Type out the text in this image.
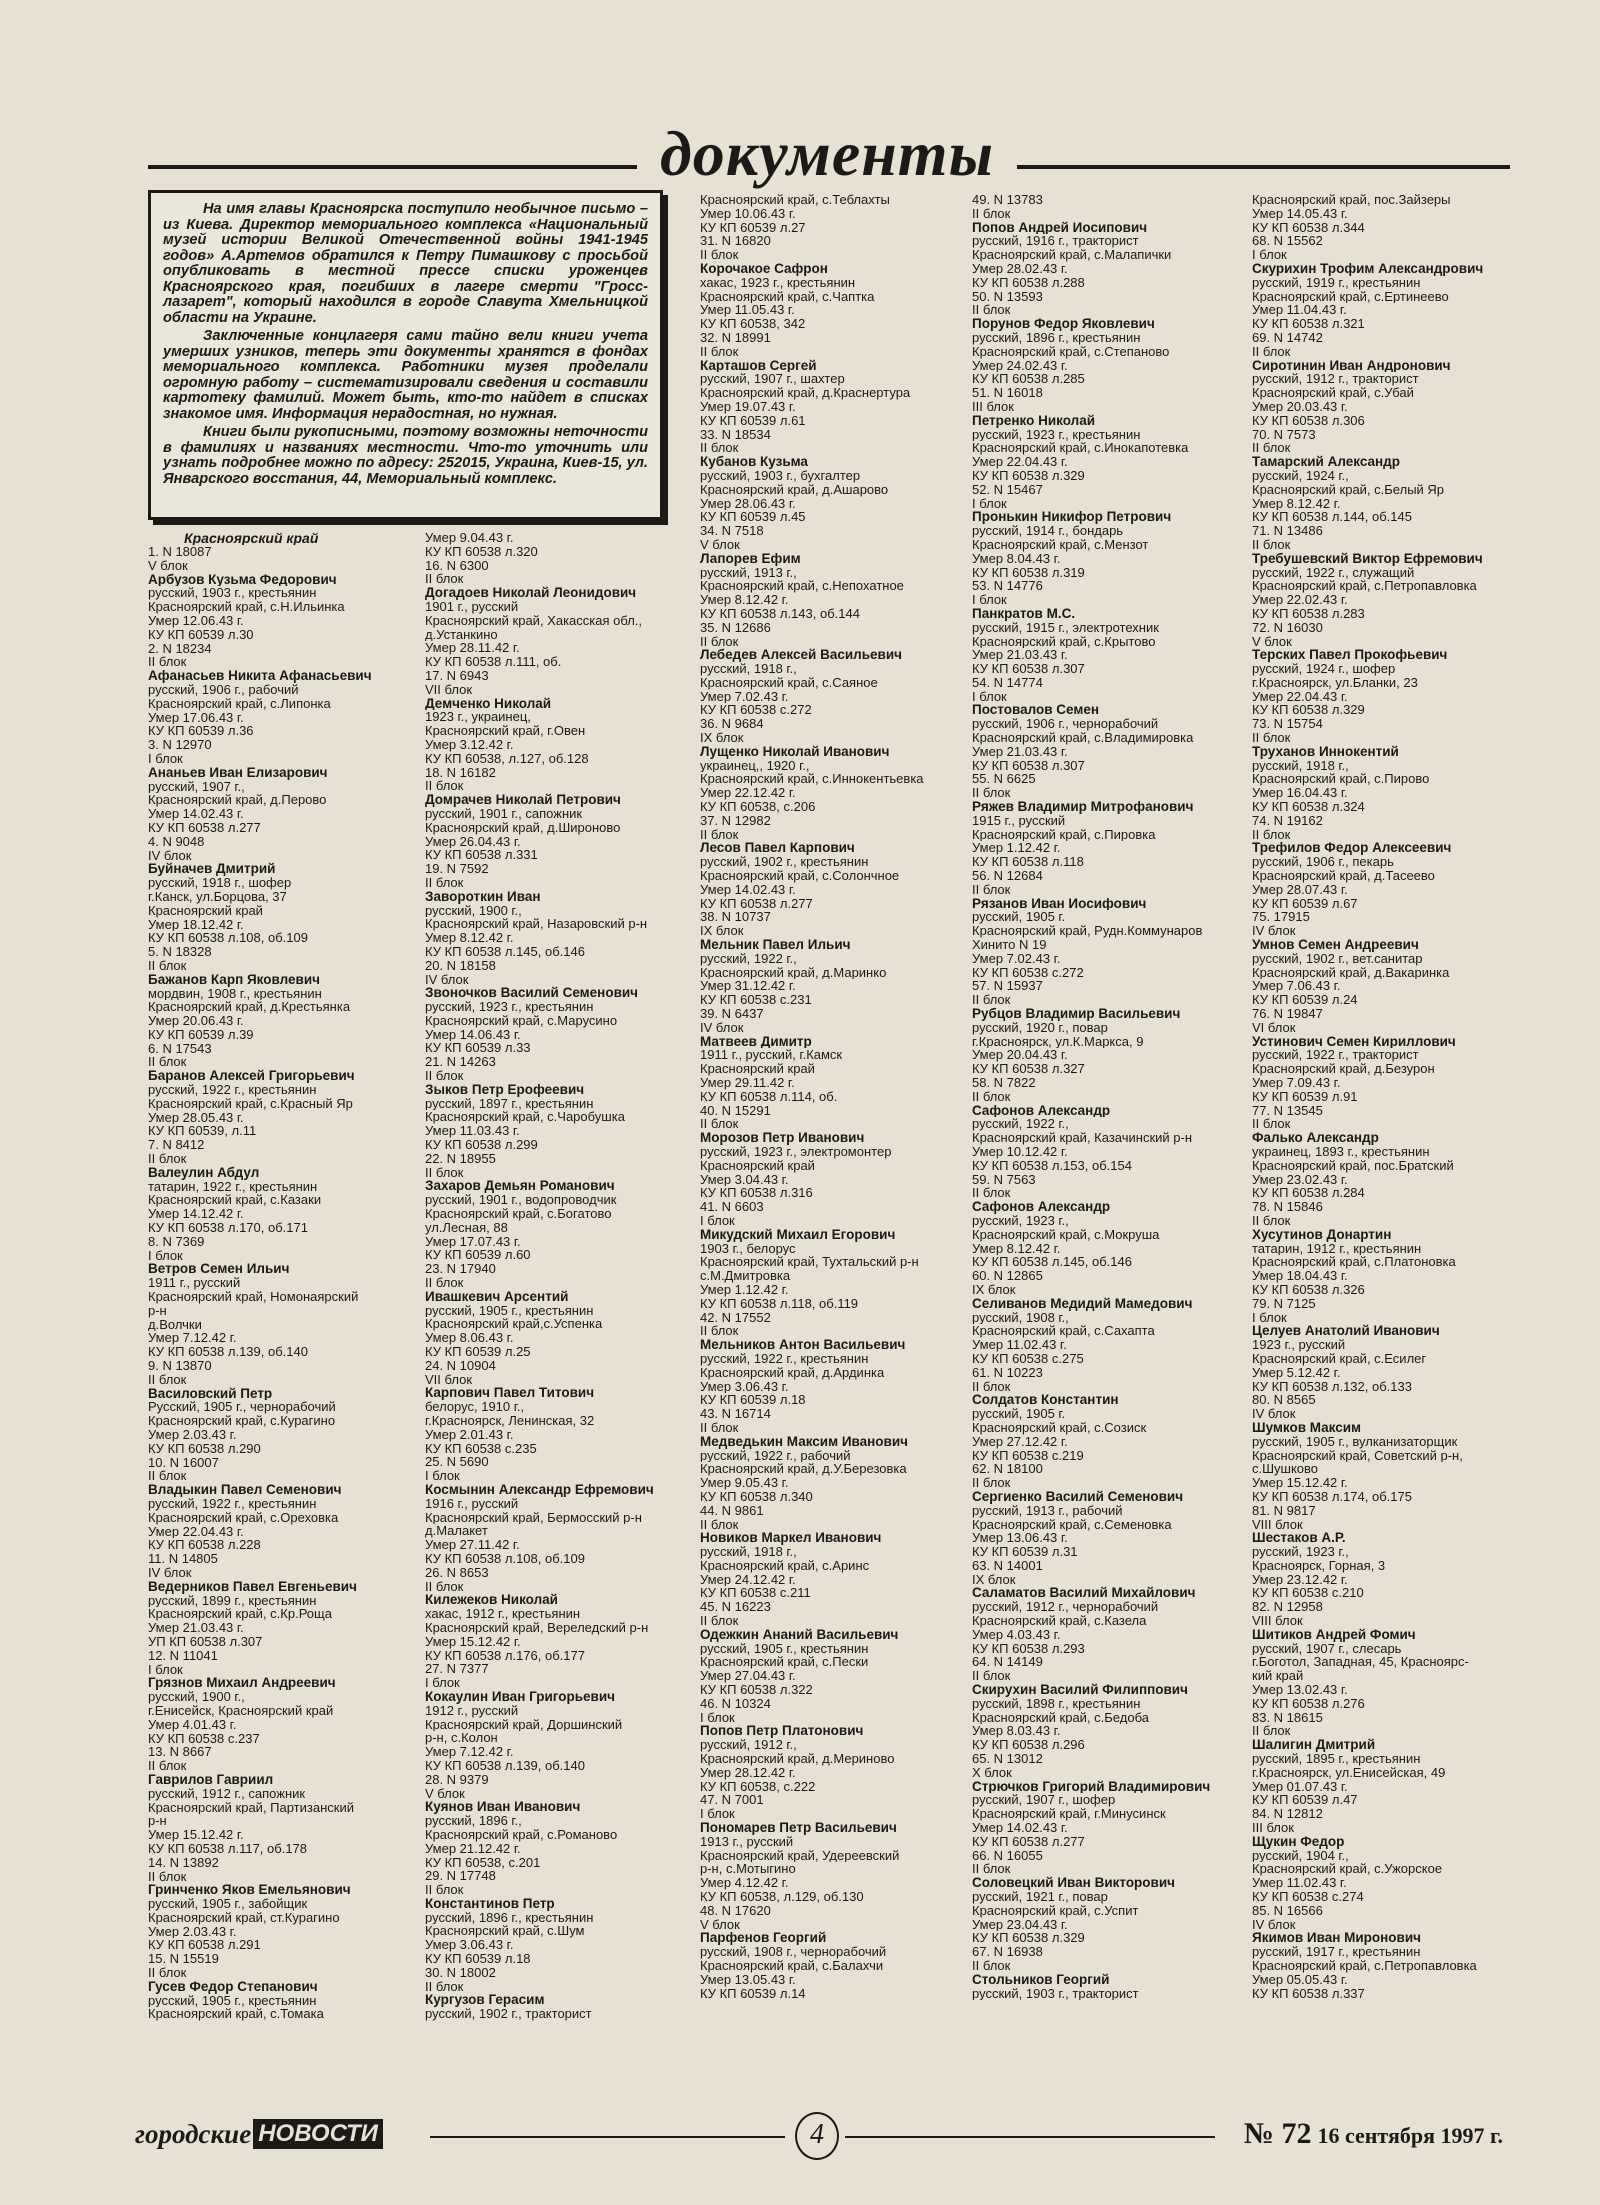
документы

На имя главы Красноярска поступило необычное письмо – из Киева. Директор мемориального комплекса «Национальный музей истории Великой Отечественной войны 1941-1945 годов» А.Артемов обратился к Петру Пимашкову с просьбой опубликовать в местной прессе списки уроженцев Красноярского края, погибших в лагере смерти "Гросс-лазарет", который находился в городе Славута Хмельницкой области на Украине.

Заключенные концлагеря сами тайно вели книги учета умерших узников, теперь эти документы хранятся в фондах мемориального комплекса. Работники музея проделали огромную работу – систематизировали сведения и составили картотеку фамилий. Может быть, кто-то найдет в списках знакомое имя. Информация нерадостная, но нужная.

Книги были рукописными, поэтому возможны неточности в фамилиях и названиях местности. Что-то уточнить или узнать подробнее можно по адресу: 252015, Украина, Киев-15, ул. Январского восстания, 44, Мемориальный комплекс.

Красноярский край
1. N 18087
V блок
Арбузов Кузьма Федорович
русский, 1903 г., крестьянин
Красноярский край, с.Н.Ильинка
Умер 12.06.43 г.
КУ КП 60539 л.30
2. N 18234
II блок
Афанасьев Никита Афанасьевич
русский, 1906 г., рабочий
Красноярский край, с.Липонка
Умер 17.06.43 г.
КУ КП 60539 л.36
3. N 12970
I блок
Ананьев Иван Елизарович
русский, 1907 г.,
Красноярский край, д.Перово
Умер 14.02.43 г.
КУ КП 60538 л.277
4. N 9048
IV блок
Буйначев Дмитрий
русский, 1918 г., шофер
г.Канск, ул.Борцова, 37
Красноярский край
Умер 18.12.42 г.
КУ КП 60538 л.108, об.109
5. N 18328
II блок
Бажанов Карп Яковлевич
мордвин, 1908 г., крестьянин
Красноярский край, д.Крестьянка
Умер 20.06.43 г.
КУ КП 60539 л.39
6. N 17543
II блок
Баранов Алексей Григорьевич
русский, 1922 г., крестьянин
Красноярский край, с.Красный Яр
Умер 28.05.43 г.
КУ КП 60539, л.11
7. N 8412
II блок
Валеулин Абдул
татарин, 1922 г., крестьянин
Красноярский край, с.Казаки
Умер 14.12.42 г.
КУ КП 60538 л.170, об.171
8. N 7369
I блок
Ветров Семен Ильич
1911 г., русский
Красноярский край, Номонаярский
р-н
д.Волчки
Умер 7.12.42 г.
КУ КП 60538 л.139, об.140
9. N 13870
II блок
Василовский Петр
Русский, 1905 г., чернорабочий
Красноярский край, с.Курагино
Умер 2.03.43 г.
КУ КП 60538 л.290
10. N 16007
II блок
Владыкин Павел Семенович
русский, 1922 г., крестьянин
Красноярский край, с.Ореховка
Умер 22.04.43 г.
КУ КП 60538 л.228
11. N 14805
IV блок
Ведерников Павел Евгеньевич
русский, 1899 г., крестьянин
Красноярский край, с.Кр.Роща
Умер 21.03.43 г.
УП КП 60538 л.307
12. N 11041
I блок
Грязнов Михаил Андреевич
русский, 1900 г.,
г.Енисейск, Красноярский край
Умер 4.01.43 г.
КУ КП 60538 с.237
13. N 8667
II блок
Гаврилов Гавриил
русский, 1912 г., сапожник
Красноярский край, Партизанский
р-н
Умер 15.12.42 г.
КУ КП 60538 л.117, об.178
14. N 13892
II блок
Гринченко Яков Емельянович
русский, 1905 г., забойщик
Красноярский край, ст.Курагино
Умер 2.03.43 г.
КУ КП 60538 л.291
15. N 15519
II блок
Гусев Федор Степанович
русский, 1905 г., крестьянин
Красноярский край, с.Томака
Умер 9.04.43 г.
КУ КП 60538 л.320
16. N 6300
II блок
Догадоев Николай Леонидович
1901 г., русский
Красноярский край, Хакасская обл.,
д.Устанкино
Умер 28.11.42 г.
КУ КП 60538 л.111, об.
17. N 6943
VII блок
Демченко Николай
1923 г., украинец,
Красноярский край, г.Овен
Умер 3.12.42 г.
КУ КП 60538, л.127, об.128
18. N 16182
II блок
Домрачев Николай Петрович
русский, 1901 г., сапожник
Красноярский край, д.Широново
Умер 26.04.43 г.
КУ КП 60538 л.331
19. N 7592
II блок
Завороткин Иван
русский, 1900 г.,
Красноярский край, Назаровский р-н
Умер 8.12.42 г.
КУ КП 60538 л.145, об.146
20. N 18158
IV блок
Звоночков Василий Семенович
русский, 1923 г., крестьянин
Красноярский край, с.Марусино
Умер 14.06.43 г.
КУ КП 60539 л.33
21. N 14263
II блок
Зыков Петр Ерофеевич
русский, 1897 г., крестьянин
Красноярский край, с.Чаробушка
Умер 11.03.43 г.
КУ КП 60538 л.299
22. N 18955
II блок
Захаров Демьян Романович
русский, 1901 г., водопроводчик
Красноярский край, с.Богатово
ул.Лесная, 88
Умер 17.07.43 г.
КУ КП 60539 л.60
23. N 17940
II блок
Ивашкевич Арсентий
русский, 1905 г., крестьянин
Красноярский край,с.Успенка
Умер 8.06.43 г.
КУ КП 60539 л.25
24. N 10904
VII блок
Карпович Павел Титович
белорус, 1910 г.,
г.Красноярск, Ленинская, 32
Умер 2.01.43 г.
КУ КП 60538 с.235
25. N 5690
I блок
Космынин Александр Ефремович
1916 г., русский
Красноярский край, Бермосский р-н
д.Малакет
Умер 27.11.42 г.
КУ КП 60538 л.108, об.109
26. N 8653
II блок
Килежеков Николай
хакас, 1912 г., крестьянин
Красноярский край, Вереледский р-н
Умер 15.12.42 г.
КУ КП 60538 л.176, об.177
27. N 7377
I блок
Кокаулин Иван Григорьевич
1912 г., русский
Красноярский край, Доршинский
р-н, с.Колон
Умер 7.12.42 г.
КУ КП 60538 л.139, об.140
28. N 9379
V блок
Куянов Иван Иванович
русский, 1896 г.,
Красноярский край, с.Романово
Умер 21.12.42 г.
КУ КП 60538, с.201
29. N 17748
II блок
Константинов Петр
русский, 1896 г., крестьянин
Красноярский край, с.Шум
Умер 3.06.43 г.
КУ КП 60539 л.18
30. N 18002
II блок
Кургузов Герасим
русский, 1902 г., тракторист
Красноярский край, с.Теблахты
Умер 10.06.43 г.
КУ КП 60539 л.27
31. N 16820
II блок
Корочакое Сафрон
хакас, 1923 г., крестьянин
Красноярский край, с.Чаптка
Умер 11.05.43 г.
КУ КП 60538, 342
32. N 18991
II блок
Карташов Сергей
русский, 1907 г., шахтер
Красноярский край, д.Краснертура
Умер 19.07.43 г.
КУ КП 60539 л.61
33. N 18534
II блок
Кубанов Кузьма
русский, 1903 г., бухгалтер
Красноярский край, д.Ашарово
Умер 28.06.43 г.
КУ КП 60539 л.45
34. N 7518
V блок
Лапорев Ефим
русский, 1913 г.,
Красноярский край, с.Непохатное
Умер 8.12.42 г.
КУ КП 60538 л.143, об.144
35. N 12686
II блок
Лебедев Алексей Васильевич
русский, 1918 г.,
Красноярский край, с.Саяное
Умер 7.02.43 г.
КУ КП 60538 с.272
36. N 9684
IX блок
Лущенко Николай Иванович
украинец,, 1920 г.,
Красноярский край, с.Иннокентьевка
Умер 22.12.42 г.
КУ КП 60538, с.206
37. N 12982
II блок
Лесов Павел Карпович
русский, 1902 г., крестьянин
Красноярский край, с.Солончное
Умер 14.02.43 г.
КУ КП 60538 л.277
38. N 10737
IX блок
Мельник Павел Ильич
русский, 1922 г.,
Красноярский край, д.Маринко
Умер 31.12.42 г.
КУ КП 60538 с.231
39. N 6437
IV блок
Матвеев Димитр
1911 г., русский, г.Камск
Красноярский край
Умер 29.11.42 г.
КУ КП 60538 л.114, об.
40. N 15291
II блок
Морозов Петр Иванович
русский, 1923 г., электромонтер
Красноярский край
Умер 3.04.43 г.
КУ КП 60538 л.316
41. N 6603
I блок
Микудский Михаил Егорович
1903 г., белорус
Красноярский край, Тухтальский р-н
с.М.Дмитровка
Умер 1.12.42 г.
КУ КП 60538 л.118, об.119
42. N 17552
II блок
Мельников Антон Васильевич
русский, 1922 г., крестьянин
Красноярский край, д.Ардинка
Умер 3.06.43 г.
КУ КП 60539 л.18
43. N 16714
II блок
Медведькин Максим Иванович
русский, 1922 г., рабочий
Красноярский край, д.У.Березовка
Умер 9.05.43 г.
КУ КП 60538 л.340
44. N 9861
II блок
Новиков Маркел Иванович
русский, 1918 г.,
Красноярский край, с.Аринс
Умер 24.12.42 г.
КУ КП 60538 с.211
45. N 16223
II блок
Одежкин Ананий Васильевич
русский, 1905 г., крестьянин
Красноярский край, с.Пески
Умер 27.04.43 г.
КУ КП 60538 л.322
46. N 10324
I блок
Попов Петр Платонович
русский, 1912 г.,
Красноярский край, д.Мериново
Умер 28.12.42 г.
КУ КП 60538, с.222
47. N 7001
I блок
Пономарев Петр Васильевич
1913 г., русский
Красноярский край, Удереевский
р-н, с.Мотыгино
Умер 4.12.42 г.
КУ КП 60538, л.129, об.130
48. N 17620
V блок
Парфенов Георгий
русский, 1908 г., чернорабочий
Красноярский край, с.Балахчи
Умер 13.05.43 г.
КУ КП 60539 л.14
49. N 13783
II блок
Попов Андрей Иосипович
русский, 1916 г., тракторист
Красноярский край, с.Малапички
Умер 28.02.43 г.
КУ КП 60538 л.288
50. N 13593
II блок
Порунов Федор Яковлевич
русский, 1896 г., крестьянин
Красноярский край, с.Степаново
Умер 24.02.43 г.
КУ КП 60538 л.285
51. N 16018
III блок
Петренко Николай
русский, 1923 г., крестьянин
Красноярский край, с.Инокапотевка
Умер 22.04.43 г.
КУ КП 60538 л.329
52. N 15467
I блок
Пронькин Никифор Петрович
русский, 1914 г., бондарь
Красноярский край, с.Мензот
Умер 8.04.43 г.
КУ КП 60538 л.319
53. N 14776
I блок
Панкратов М.С.
русский, 1915 г., электротехник
Красноярский край, с.Крытово
Умер 21.03.43 г.
КУ КП 60538 л.307
54. N 14774
I блок
Постовалов Семен
русский, 1906 г., чернорабочий
Красноярский край, с.Владимировка
Умер 21.03.43 г.
КУ КП 60538 л.307
55. N 6625
II блок
Ряжев Владимир Митрофанович
1915 г., русский
Красноярский край, с.Пировка
Умер 1.12.42 г.
КУ КП 60538 л.118
56. N 12684
II блок
Рязанов Иван Иосифович
русский, 1905 г.
Красноярский край, Рудн.Коммунаров
Хинито N 19
Умер 7.02.43 г.
КУ КП 60538 с.272
57. N 15937
II блок
Рубцов Владимир Васильевич
русский, 1920 г., повар
г.Красноярск, ул.К.Маркса, 9
Умер 20.04.43 г.
КУ КП 60538 л.327
58. N 7822
II блок
Сафонов Александр
русский, 1922 г.,
Красноярский край, Казачинский р-н
Умер 10.12.42 г.
КУ КП 60538 л.153, об.154
59. N 7563
II блок
Сафонов Александр
русский, 1923 г.,
Красноярский край, с.Мокруша
Умер 8.12.42 г.
КУ КП 60538 л.145, об.146
60. N 12865
IX блок
Селиванов Медидий Мамедович
русский, 1908 г.,
Красноярский край, с.Сахапта
Умер 11.02.43 г.
КУ КП 60538 с.275
61. N 10223
II блок
Солдатов Константин
русский, 1905 г.
Красноярский край, с.Созиск
Умер 27.12.42 г.
КУ КП 60538 с.219
62. N 18100
II блок
Сергиенко Василий Семенович
русский, 1913 г., рабочий
Красноярский край, с.Семеновка
Умер 13.06.43 г.
КУ КП 60539 л.31
63. N 14001
IX блок
Саламатов Василий Михайлович
русский, 1912 г., чернорабочий
Красноярский край, с.Казела
Умер 4.03.43 г.
КУ КП 60538 л.293
64. N 14149
II блок
Скирухин Василий Филиппович
русский, 1898 г., крестьянин
Красноярский край, с.Бедоба
Умер 8.03.43 г.
КУ КП 60538 л.296
65. N 13012
X блок
Стрючков Григорий Владимирович
русский, 1907 г., шофер
Красноярский край, г.Минусинск
Умер 14.02.43 г.
КУ КП 60538 л.277
66. N 16055
II блок
Соловецкий Иван Викторович
русский, 1921 г., повар
Красноярский край, с.Успит
Умер 23.04.43 г.
КУ КП 60538 л.329
67. N 16938
II блок
Стольников Георгий
русский, 1903 г., тракторист
Красноярский край, пос.Зайзеры
Умер 14.05.43 г.
КУ КП 60538 л.344
68. N 15562
I блок
Скурихин Трофим Александрович
русский, 1919 г., крестьянин
Красноярский край, с.Ертинеево
Умер 11.04.43 г.
КУ КП 60538 л.321
69. N 14742
II блок
Сиротинин Иван Андронович
русский, 1912 г., тракторист
Красноярский край, с.Убай
Умер 20.03.43 г.
КУ КП 60538 л.306
70. N 7573
II блок
Тамарский Александр
русский, 1924 г.,
Красноярский край, с.Белый Яр
Умер 8.12.42 г.
КУ КП 60538 л.144, об.145
71. N 13486
II блок
Требушевский Виктор Ефремович
русский, 1922 г., служащий
Красноярский край, с.Петропавловка
Умер 22.02.43 г.
КУ КП 60538 л.283
72. N 16030
V блок
Терских Павел Прокофьевич
русский, 1924 г., шофер
г.Красноярск, ул.Бланки, 23
Умер 22.04.43 г.
КУ КП 60538 л.329
73. N 15754
II блок
Труханов Иннокентий
русский, 1918 г.,
Красноярский край, с.Пирово
Умер 16.04.43 г.
КУ КП 60538 л.324
74. N 19162
II блок
Трефилов Федор Алексеевич
русский, 1906 г., пекарь
Красноярский край, д.Тасеево
Умер 28.07.43 г.
КУ КП 60539 л.67
75. 17915
IV блок
Умнов Семен Андреевич
русский, 1902 г., вет.санитар
Красноярский край, д.Вакаринка
Умер 7.06.43 г.
КУ КП 60539 л.24
76. N 19847
VI блок
Устинович Семен Кириллович
русский, 1922 г., тракторист
Красноярский край, д.Безурон
Умер 7.09.43 г.
КУ КП 60539 л.91
77. N 13545
II блок
Фалько Александр
украинец, 1893 г., крестьянин
Красноярский край, пос.Братский
Умер 23.02.43 г.
КУ КП 60538 л.284
78. N 15846
II блок
Хусутинов Донартин
татарин, 1912 г., крестьянин
Красноярский край, с.Платоновка
Умер 18.04.43 г.
КУ КП 60538 л.326
79. N 7125
I блок
Целуев Анатолий Иванович
1923 г., русский
Красноярский край, с.Есилег
Умер 5.12.42 г.
КУ КП 60538 л.132, об.133
80. N 8565
IV блок
Шумков Максим
русский, 1905 г., вулканизаторщик
Красноярский край, Советский р-н,
с.Шушково
Умер 15.12.42 г.
КУ КП 60538 л.174, об.175
81. N 9817
VIII блок
Шестаков А.Р.
русский, 1923 г.,
Красноярск, Горная, 3
Умер 23.12.42 г.
КУ КП 60538 с.210
82. N 12958
VIII блок
Шитиков Андрей Фомич
русский, 1907 г., слесарь
г.Боготол, Западная, 45, Красноярс-
кий край
Умер 13.02.43 г.
КУ КП 60538 л.276
83. N 18615
II блок
Шалигин Дмитрий
русский, 1895 г., крестьянин
г.Красноярск, ул.Енисейская, 49
Умер 01.07.43 г.
КУ КП 60539 л.47
84. N 12812
III блок
Щукин Федор
русский, 1904 г.,
Красноярский край, с.Ужорское
Умер 11.02.43 г.
КУ КП 60538 с.274
85. N 16566
IV блок
Якимов Иван Миронович
русский, 1917 г., крестьянин
Красноярский край, с.Петропавловка
Умер 05.05.43 г.
КУ КП 60538 л.337
городские НОВОСТИ	4	№ 72 16 сентября 1997 г.
